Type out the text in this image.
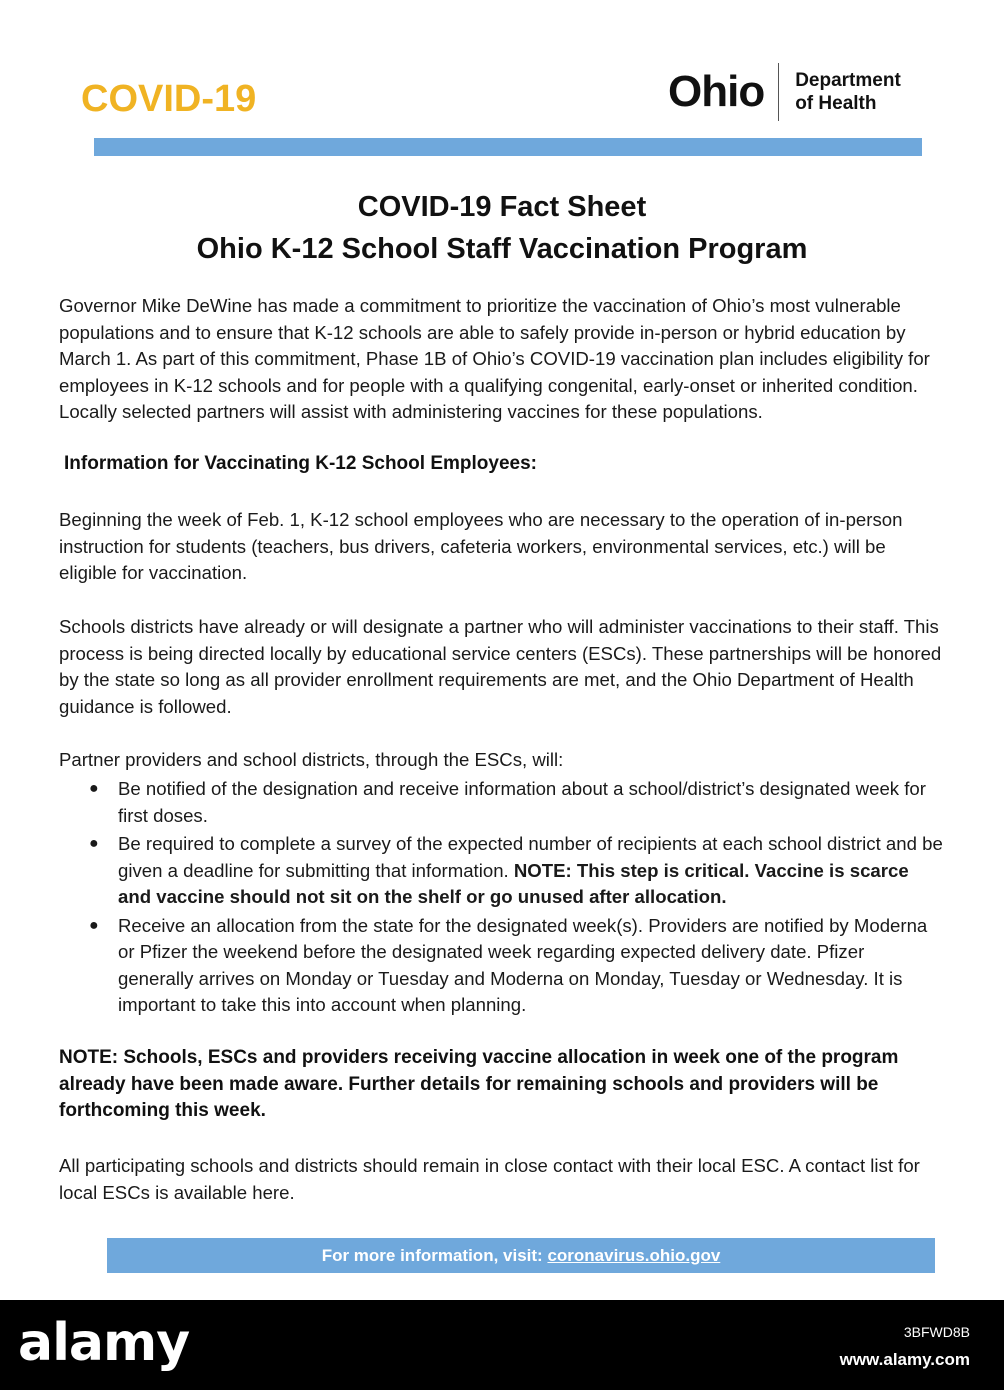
COVID-19	Ohio Department
of Health
COVID-19 Fact Sheet
Ohio K-12 School Staff Vaccination Program
Governor Mike DeWine has made a commitment to prioritize the vaccination of Ohio’s most vulnerable populations and to ensure that K-12 schools are able to safely provide in-person or hybrid education by March 1. As part of this commitment, Phase 1B of Ohio’s COVID-19 vaccination plan includes eligibility for employees in K-12 schools and for people with a qualifying congenital, early-onset or inherited condition. Locally selected partners will assist with administering vaccines for these populations.
Information for Vaccinating K-12 School Employees:
Beginning the week of Feb. 1, K-12 school employees who are necessary to the operation of in-person instruction for students (teachers, bus drivers, cafeteria workers, environmental services, etc.) will be eligible for vaccination.
Schools districts have already or will designate a partner who will administer vaccinations to their staff. This process is being directed locally by educational service centers (ESCs). These partnerships will be honored by the state so long as all provider enrollment requirements are met, and the Ohio Department of Health guidance is followed.
Partner providers and school districts, through the ESCs, will:
● Be notified of the designation and receive information about a school/district’s designated week for first doses.
● Be required to complete a survey of the expected number of recipients at each school district and be given a deadline for submitting that information. NOTE: This step is critical. Vaccine is scarce and vaccine should not sit on the shelf or go unused after allocation.
● Receive an allocation from the state for the designated week(s). Providers are notified by Moderna or Pfizer the weekend before the designated week regarding expected delivery date. Pfizer generally arrives on Monday or Tuesday and Moderna on Monday, Tuesday or Wednesday. It is important to take this into account when planning.
NOTE: Schools, ESCs and providers receiving vaccine allocation in week one of the program already have been made aware. Further details for remaining schools and providers will be forthcoming this week.
All participating schools and districts should remain in close contact with their local ESC. A contact list for local ESCs is available here.
For more information, visit: coronavirus.ohio.gov
alamy	3BFWD8B
www.alamy.com
